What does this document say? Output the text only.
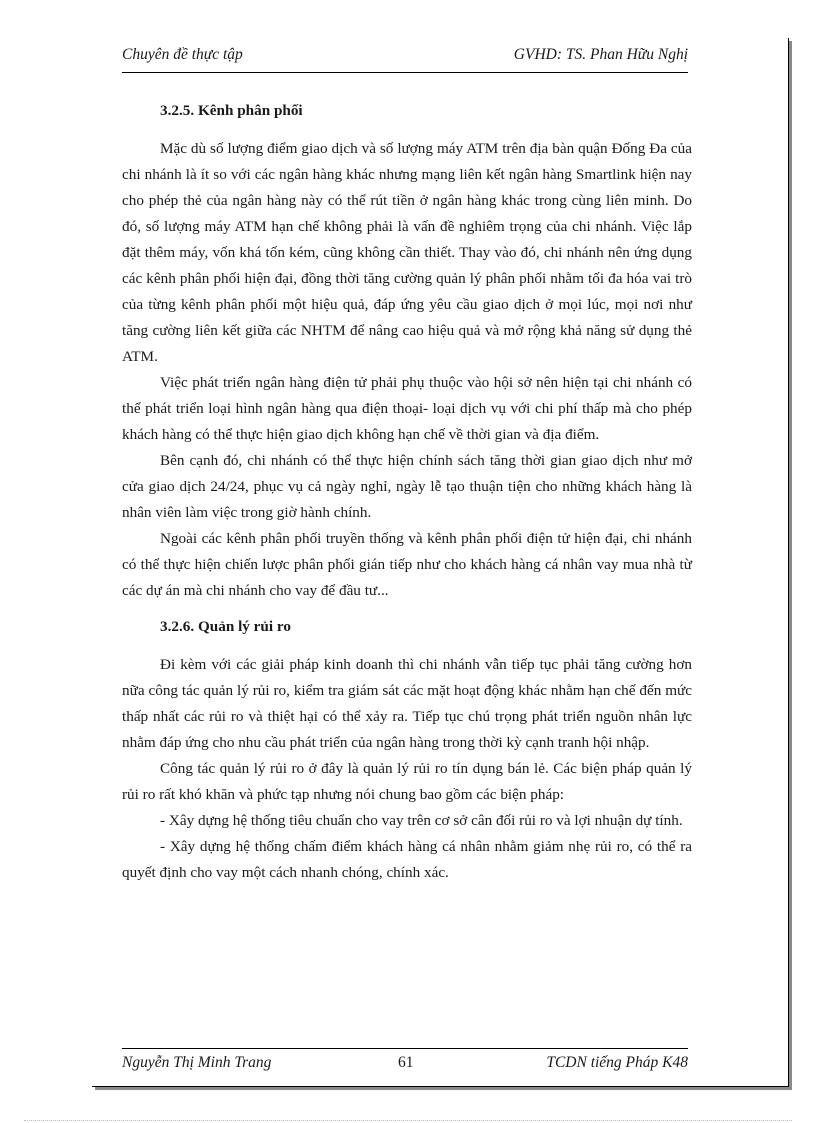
Chuyên đề thực tập	GVHD: TS. Phan Hữu Nghị
3.2.5. Kênh phân phối

Mặc dù số lượng điểm giao dịch và số lượng máy ATM trên địa bàn quận Đống Đa của chi nhánh là ít so với các ngân hàng khác nhưng mạng liên kết ngân hàng Smartlink hiện nay cho phép thẻ của ngân hàng này có thể rút tiền ở ngân hàng khác trong cùng liên minh. Do đó, số lượng máy ATM hạn chế không phải là vấn đề nghiêm trọng của chi nhánh. Việc lắp đặt thêm máy, vốn khá tốn kém, cũng không cần thiết. Thay vào đó, chi nhánh nên ứng dụng các kênh phân phối hiện đại, đồng thời tăng cường quản lý phân phối nhằm tối đa hóa vai trò của từng kênh phân phối một hiệu quả, đáp ứng yêu cầu giao dịch ở mọi lúc, mọi nơi như tăng cường liên kết giữa các NHTM để nâng cao hiệu quả và mở rộng khả năng sử dụng thẻ ATM.

Việc phát triển ngân hàng điện tử phải phụ thuộc vào hội sở nên hiện tại chi nhánh có thể phát triển loại hình ngân hàng qua điện thoại- loại dịch vụ với chi phí thấp mà cho phép khách hàng có thể thực hiện giao dịch không hạn chế về thời gian và địa điểm.

Bên cạnh đó, chi nhánh có thể thực hiện chính sách tăng thời gian giao dịch như mở cửa giao dịch 24/24, phục vụ cả ngày nghỉ, ngày lễ tạo thuận tiện cho những khách hàng là nhân viên làm việc trong giờ hành chính.

Ngoài các kênh phân phối truyền thống và kênh phân phối điện tử hiện đại, chi nhánh có thể thực hiện chiến lược phân phối gián tiếp như cho khách hàng cá nhân vay mua nhà từ các dự án mà chi nhánh cho vay để đầu tư...

3.2.6. Quản lý rủi ro

Đi kèm với các giải pháp kinh doanh thì chi nhánh vẫn tiếp tục phải tăng cường hơn nữa công tác quản lý rủi ro, kiểm tra giám sát các mặt hoạt động khác nhằm hạn chế đến mức thấp nhất các rủi ro và thiệt hại có thể xảy ra. Tiếp tục chú trọng phát triển nguồn nhân lực nhằm đáp ứng cho nhu cầu phát triển của ngân hàng trong thời kỳ cạnh tranh hội nhập.

Công tác quản lý rủi ro ở đây là quản lý rủi ro tín dụng bán lẻ. Các biện pháp quản lý rủi ro rất khó khăn và phức tạp nhưng nói chung bao gồm các biện pháp:

- Xây dựng hệ thống tiêu chuẩn cho vay trên cơ sở cân đối rủi ro và lợi nhuận dự tính.

- Xây dựng hệ thống chấm điểm khách hàng cá nhân nhằm giảm nhẹ rủi ro, có thể ra quyết định cho vay một cách nhanh chóng, chính xác.

Nguyễn Thị Minh Trang	61	TCDN tiếng Pháp K48
